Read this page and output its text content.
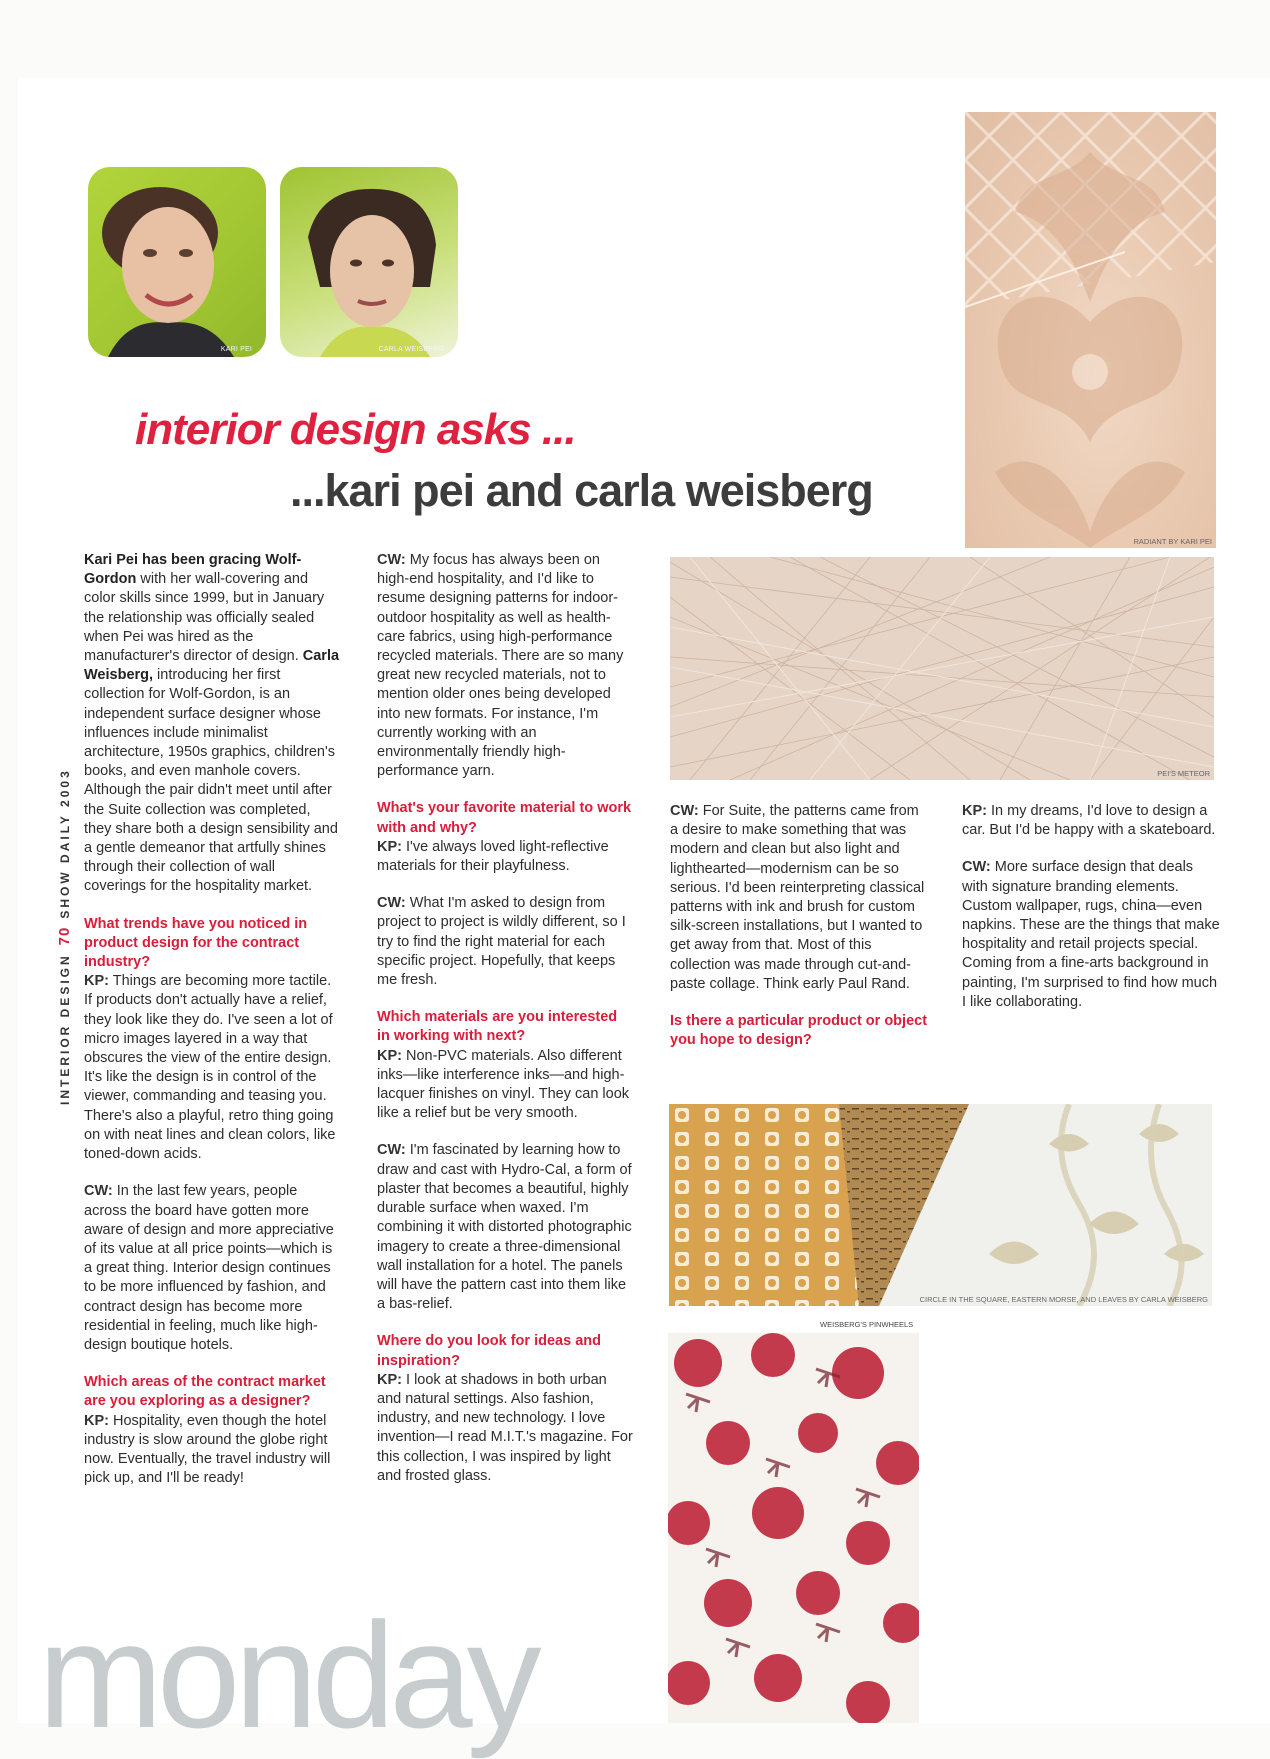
KARI PEI	CARLA WEISBERG
interior design asks ...
...kari pei and carla weisberg
INTERIOR DESIGN70SHOW DAILY 2003

Kari Pei has been gracing Wolf-Gordon with her wall-covering and color skills since 1999, but in January the relationship was officially sealed when Pei was hired as the manufacturer's director of design. Carla Weisberg, introducing her first collection for Wolf-Gordon, is an independent surface designer whose influences include minimalist architecture, 1950s graphics, children's books, and even manhole covers. Although the pair didn't meet until after the Suite collection was completed, they share both a design sensibility and a gentle demeanor that artfully shines through their collection of wall coverings for the hospitality market.

What trends have you noticed in product design for the contract industry?
KP: Things are becoming more tactile. If products don't actually have a relief, they look like they do. I've seen a lot of micro images layered in a way that obscures the view of the entire design. It's like the design is in control of the viewer, commanding and teasing you. There's also a playful, retro thing going on with neat lines and clean colors, like toned-down acids.

CW: In the last few years, people across the board have gotten more aware of design and more appreciative of its value at all price points—which is a great thing. Interior design continues to be more influenced by fashion, and contract design has become more residential in feeling, much like high-design boutique hotels.

Which areas of the contract market are you exploring as a designer?
KP: Hospitality, even though the hotel industry is slow around the globe right now. Eventually, the travel industry will pick up, and I'll be ready!

CW: My focus has always been on high-end hospitality, and I'd like to resume designing patterns for indoor-outdoor hospitality as well as health-care fabrics, using high-performance recycled materials. There are so many great new recycled materials, not to mention older ones being developed into new formats. For instance, I'm currently working with an environmentally friendly high-performance yarn.

What's your favorite material to work with and why?
KP: I've always loved light-reflective materials for their playfulness.

CW: What I'm asked to design from project to project is wildly different, so I try to find the right material for each specific project. Hopefully, that keeps me fresh.

Which materials are you interested in working with next?
KP: Non-PVC materials. Also different inks—like interference inks—and high-lacquer finishes on vinyl. They can look like a relief but be very smooth.

CW: I'm fascinated by learning how to draw and cast with Hydro-Cal, a form of plaster that becomes a beautiful, highly durable surface when waxed. I'm combining it with distorted photographic imagery to create a three-dimensional wall installation for a hotel. The panels will have the pattern cast into them like a bas-relief.

Where do you look for ideas and inspiration?
KP: I look at shadows in both urban and natural settings. Also fashion, industry, and new technology. I love invention—I read M.I.T.'s magazine. For this collection, I was inspired by light and frosted glass.

CW: For Suite, the patterns came from a desire to make something that was modern and clean but also light and lighthearted—modernism can be so serious. I'd been reinterpreting classical patterns with ink and brush for custom silk-screen installations, but I wanted to get away from that. Most of this collection was made through cut-and-paste collage. Think early Paul Rand.

Is there a particular product or object you hope to design?

KP: In my dreams, I'd love to design a car. But I'd be happy with a skateboard.

CW: More surface design that deals with signature branding elements. Custom wallpaper, rugs, china—even napkins. These are the things that make hospitality and retail projects special. Coming from a fine-arts background in painting, I'm surprised to find how much I like collaborating.

RADIANT BY KARI PEI
PEI'S METEOR
CIRCLE IN THE SQUARE, EASTERN MORSE, AND LEAVES BY CARLA WEISBERG
WEISBERG'S PINWHEELS
monday
